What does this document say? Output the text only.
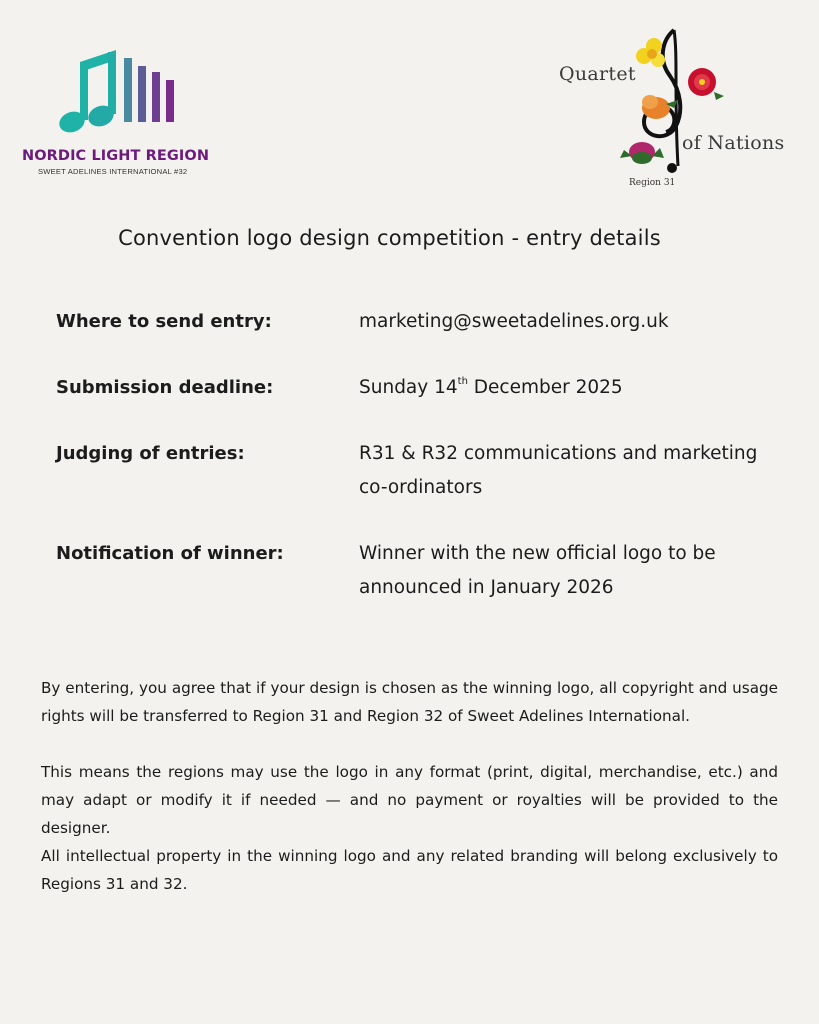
NORDIC LIGHT REGION
SWEET ADELINES INTERNATIONAL #32
Quartet
of Nations
Region 31
Convention logo design competition - entry details
Where to send entry:	marketing@sweetadelines.org.uk
Submission deadline:	Sunday 14th December 2025
Judging of entries:	R31 & R32 communications and marketing
co-ordinators
Notification of winner:	Winner with the new official logo to be
announced in January 2026

By entering, you agree that if your design is chosen as the winning logo, all copyright and usage rights will be transferred to Region 31 and Region 32 of Sweet Adelines International.

This means the regions may use the logo in any format (print, digital, merchandise, etc.) and may adapt or modify it if needed — and no payment or royalties will be provided to the designer.

All intellectual property in the winning logo and any related branding will belong exclusively to Regions 31 and 32.
